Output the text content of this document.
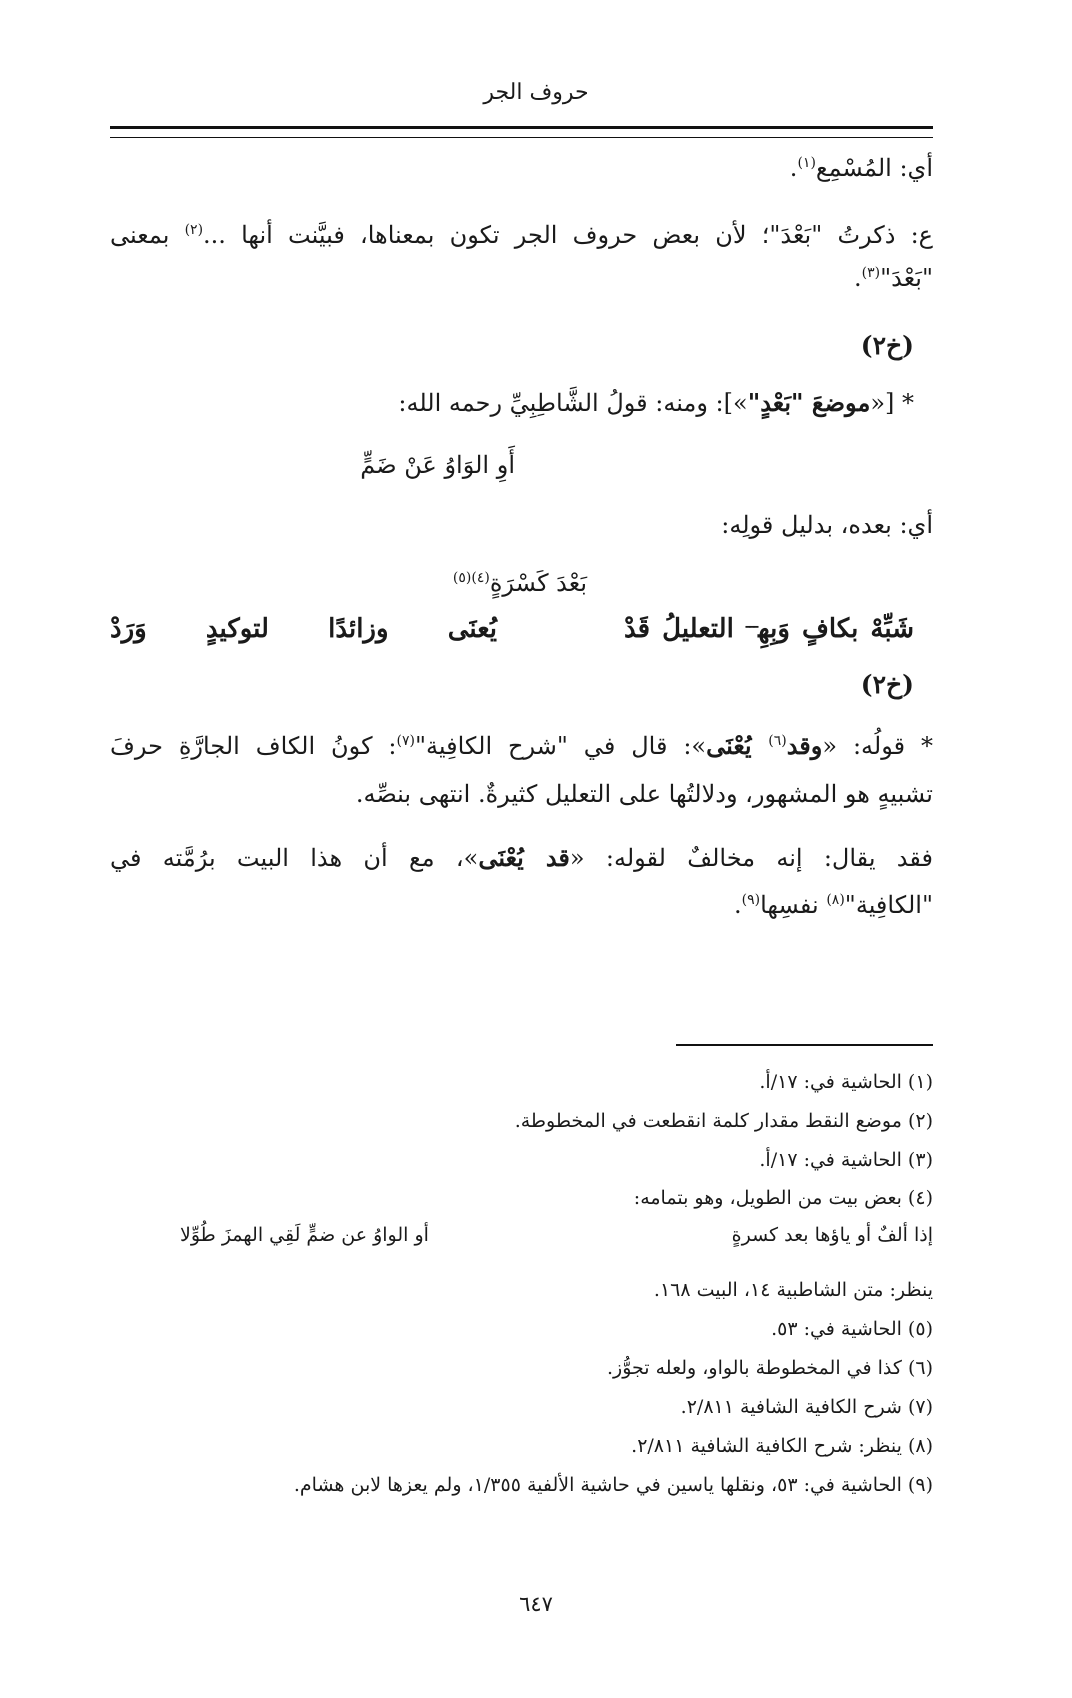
حروف الجر
أي: المُسْمِع$^{(١)}$.
ع: ذكرتُ "بَعْدَ"؛ لأن بعض حروف الجر تكون بمعناها، فبيَّنت أنها ...$^{(٢)}$ بمعنى
"بَعْدَ"$^{(٣)}$.
(خ٢)
* [«موضعَ "بَعْدٍ"»]: ومنه: قولُ الشَّاطِبِيِّ رحمه الله:
أَوِ الوَاوُ عَنْ ضَمٍّ
أي: بعده، بدليل قولِه:
بَعْدَ كَسْرَةٍ$^{(٤)(٥)}$
شَبِّهْ
بكافٍ
وَبِهِ$^{ـــ}$
التعليلُ
قَدْ
يُعنَى
وزائدًا
لتوكيدٍ
وَرَدْ
(خ٢)
* قولُه: «وقد$^{(٦)}$ يُعْنَى»: قال في "شرح الكافِية"$^{(٧)}$: كونُ الكاف الجارَّةِ حرفَ
تشبيهٍ هو المشهور، ودلالتُها على التعليل كثيرةٌ. انتهى بنصِّه.
فقد يقال: إنه مخالفٌ لقوله: «قد يُعْنَى»، مع أن هذا البيت برُمَّته في
"الكافِية"$^{(٨)}$ نفسِها$^{(٩)}$.
(١) الحاشية في: ١٧/أ.
(٢) موضع النقط مقدار كلمة انقطعت في المخطوطة.
(٣) الحاشية في: ١٧/أ.
(٤) بعض بيت من الطويل، وهو بتمامه:
إذا ألفٌ أو ياؤها بعد كسرةٍ
أو الواوُ عن ضمٍّ لَقِي الهمزَ طُوِّلا
ينظر: متن الشاطبية ١٤، البيت ١٦٨.
(٥) الحاشية في: ٥٣.
(٦) كذا في المخطوطة بالواو، ولعله تجوُّز.
(٧) شرح الكافية الشافية ٢/٨١١.
(٨) ينظر: شرح الكافية الشافية ٢/٨١١.
(٩) الحاشية في: ٥٣، ونقلها ياسين في حاشية الألفية ١/٣٥٥، ولم يعزها لابن هشام.
٦٤٧
